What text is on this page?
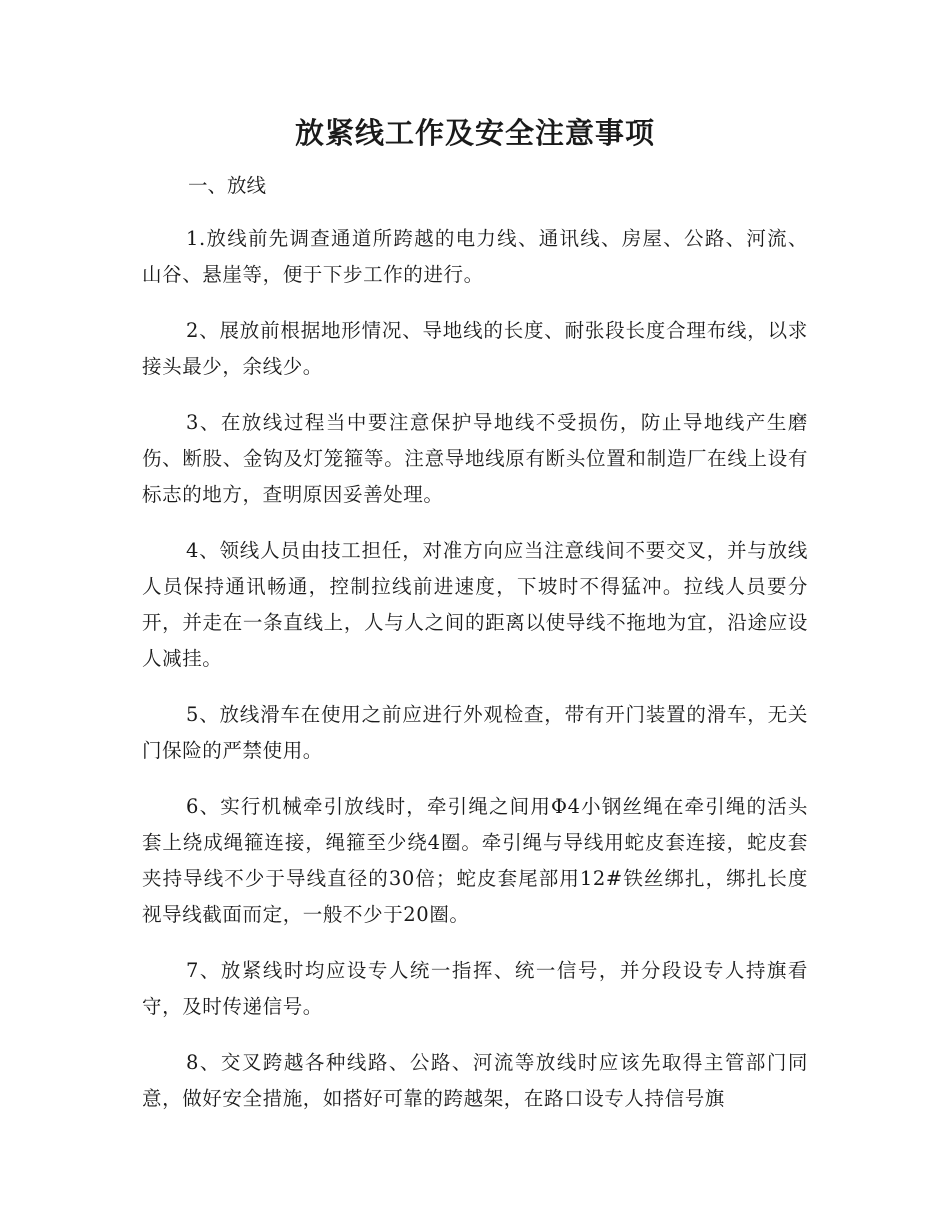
放紧线工作及安全注意事项

一、放线

1.放线前先调查通道所跨越的电力线、通讯线、房屋、公路、河流、山谷、悬崖等，便于下步工作的进行。

2、展放前根据地形情况、导地线的长度、耐张段长度合理布线，以求接头最少，余线少。

3、在放线过程当中要注意保护导地线不受损伤，防止导地线产生磨伤、断股、金钩及灯笼箍等。注意导地线原有断头位置和制造厂在线上设有标志的地方，查明原因妥善处理。

4、领线人员由技工担任，对准方向应当注意线间不要交叉，并与放线人员保持通讯畅通，控制拉线前进速度，下坡时不得猛冲。拉线人员要分开，并走在一条直线上，人与人之间的距离以使导线不拖地为宜，沿途应设人减挂。

5、放线滑车在使用之前应进行外观检查，带有开门装置的滑车，无关门保险的严禁使用。

6、实行机械牵引放线时，牵引绳之间用Φ4小钢丝绳在牵引绳的活头套上绕成绳箍连接，绳箍至少绕4圈。牵引绳与导线用蛇皮套连接，蛇皮套夹持导线不少于导线直径的30倍；蛇皮套尾部用12#铁丝绑扎，绑扎长度视导线截面而定，一般不少于20圈。

7、放紧线时均应设专人统一指挥、统一信号，并分段设专人持旗看守，及时传递信号。

8、交叉跨越各种线路、公路、河流等放线时应该先取得主管部门同意，做好安全措施，如搭好可靠的跨越架，在路口设专人持信号旗
